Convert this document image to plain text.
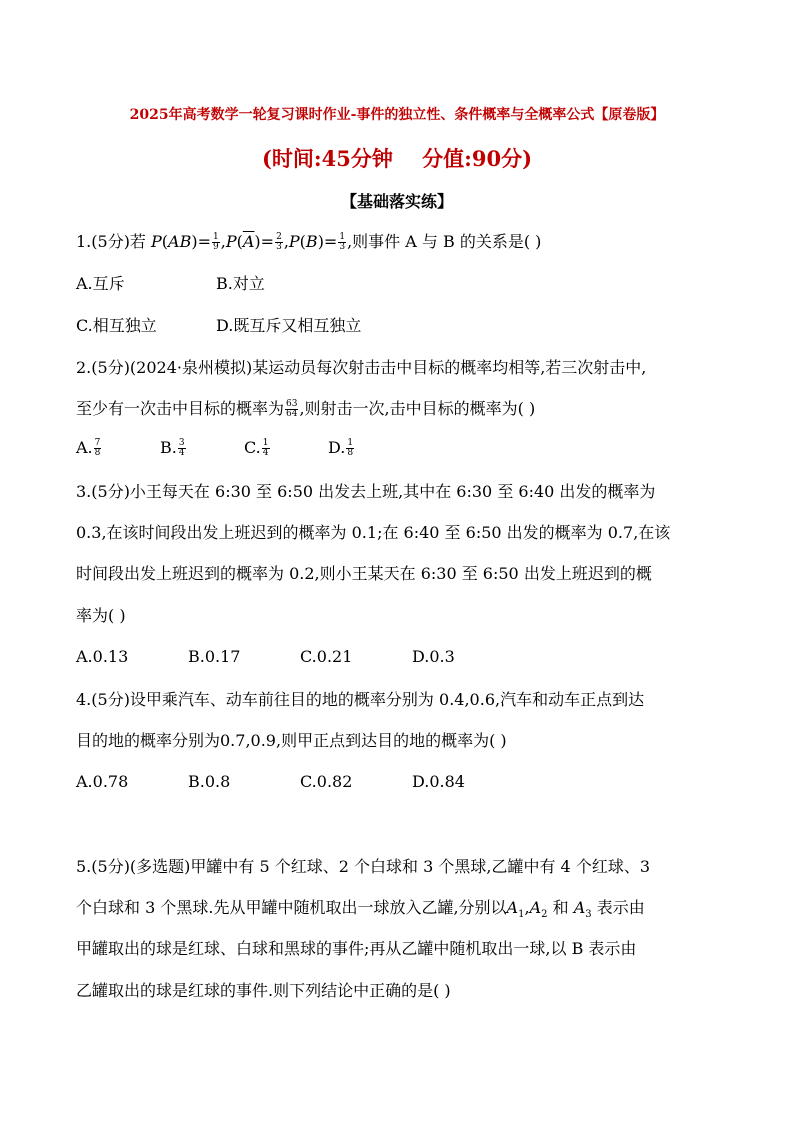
2025年高考数学一轮复习课时作业-事件的独立性、条件概率与全概率公式【原卷版】
(时间:45分钟    分值:90分)
【基础落实练】
1.(5分)若 $P(AB)= \frac{1}{9} ,P(\overline{A})= \frac{2}{3} ,P(B)= \frac{1}{3}$ ,则事件 A 与 B 的关系是( )
A.互斥	B.对立
C.相互独立	D.既互斥又相互独立
2.(5分)(2024·泉州模拟)某运动员每次射击击中目标的概率均相等,若三次射击中,
至少有一次击中目标的概率为 $\frac{63}{64}$ ,则射击一次,击中目标的概率为( )
A. $\frac{7}{8}$	B. $\frac{3}{4}$	C. $\frac{1}{4}$	D. $\frac{1}{8}$
3.(5分)小王每天在 6:30 至 6:50 出发去上班,其中在 6:30 至 6:40 出发的概率为
0.3,在该时间段出发上班迟到的概率为 0.1;在 6:40 至 6:50 出发的概率为 0.7,在该
时间段出发上班迟到的概率为 0.2,则小王某天在 6:30 至 6:50 出发上班迟到的概
率为( )
A.0.13	B.0.17	C.0.21	D.0.3
4.(5分)设甲乘汽车、动车前往目的地的概率分别为 0.4,0.6,汽车和动车正点到达
目的地的概率分别为0.7,0.9,则甲正点到达目的地的概率为( )
A.0.78	B.0.8	C.0.82	D.0.84
5.(5分)(多选题)甲罐中有 5 个红球、2 个白球和 3 个黑球,乙罐中有 4 个红球、3
个白球和 3 个黑球.先从甲罐中随机取出一球放入乙罐,分别以$A_1,A_2$ 和 $A_3$ 表示由
甲罐取出的球是红球、白球和黑球的事件;再从乙罐中随机取出一球,以 B 表示由
乙罐取出的球是红球的事件.则下列结论中正确的是( )
